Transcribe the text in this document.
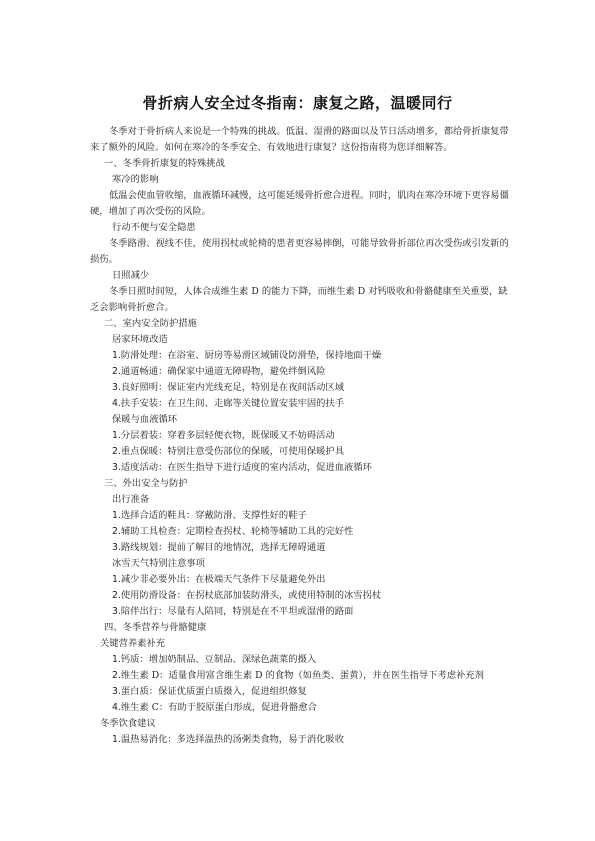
骨折病人安全过冬指南：康复之路，温暖同行

冬季对于骨折病人来说是一个特殊的挑战。低温、湿滑的路面以及节日活动增多，都给骨折康复带来了额外的风险。如何在寒冷的冬季安全、有效地进行康复？这份指南将为您详细解答。

一、冬季骨折康复的特殊挑战

寒冷的影响

低温会使血管收缩，血液循环减慢，这可能延缓骨折愈合进程。同时，肌肉在寒冷环境下更容易僵硬，增加了再次受伤的风险。

行动不便与安全隐患

冬季路滑、视线不佳，使用拐杖或轮椅的患者更容易摔倒，可能导致骨折部位再次受伤或引发新的损伤。

日照减少

冬季日照时间短，人体合成维生素 D 的能力下降，而维生素 D 对钙吸收和骨骼健康至关重要，缺乏会影响骨折愈合。

二、室内安全防护措施

居家环境改造

1.防滑处理：在浴室、厨房等易滑区域铺设防滑垫，保持地面干燥

2.通道畅通：确保家中通道无障碍物，避免绊倒风险

3.良好照明：保证室内光线充足，特别是在夜间活动区域

4.扶手安装：在卫生间、走廊等关键位置安装牢固的扶手

保暖与血液循环

1.分层着装：穿着多层轻便衣物，既保暖又不妨碍活动

2.重点保暖：特别注意受伤部位的保暖，可使用保暖护具

3.适度活动：在医生指导下进行适度的室内活动，促进血液循环

三、外出安全与防护

出行准备

1.选择合适的鞋具：穿戴防滑、支撑性好的鞋子

2.辅助工具检查：定期检查拐杖、轮椅等辅助工具的完好性

3.路线规划：提前了解目的地情况，选择无障碍通道

冰雪天气特别注意事项

1.减少非必要外出：在极端天气条件下尽量避免外出

2.使用防滑设备：在拐杖底部加装防滑头，或使用特制的冰雪拐杖

3.陪伴出行：尽量有人陪同，特别是在不平坦或湿滑的路面

四、冬季营养与骨骼健康

关键营养素补充

1.钙质：增加奶制品、豆制品、深绿色蔬菜的摄入

2.维生素 D：适量食用富含维生素 D 的食物（如鱼类、蛋黄），并在医生指导下考虑补充剂

3.蛋白质：保证优质蛋白质摄入，促进组织修复

4.维生素 C：有助于胶原蛋白形成，促进骨骼愈合

冬季饮食建议

1.温热易消化：多选择温热的汤粥类食物，易于消化吸收
